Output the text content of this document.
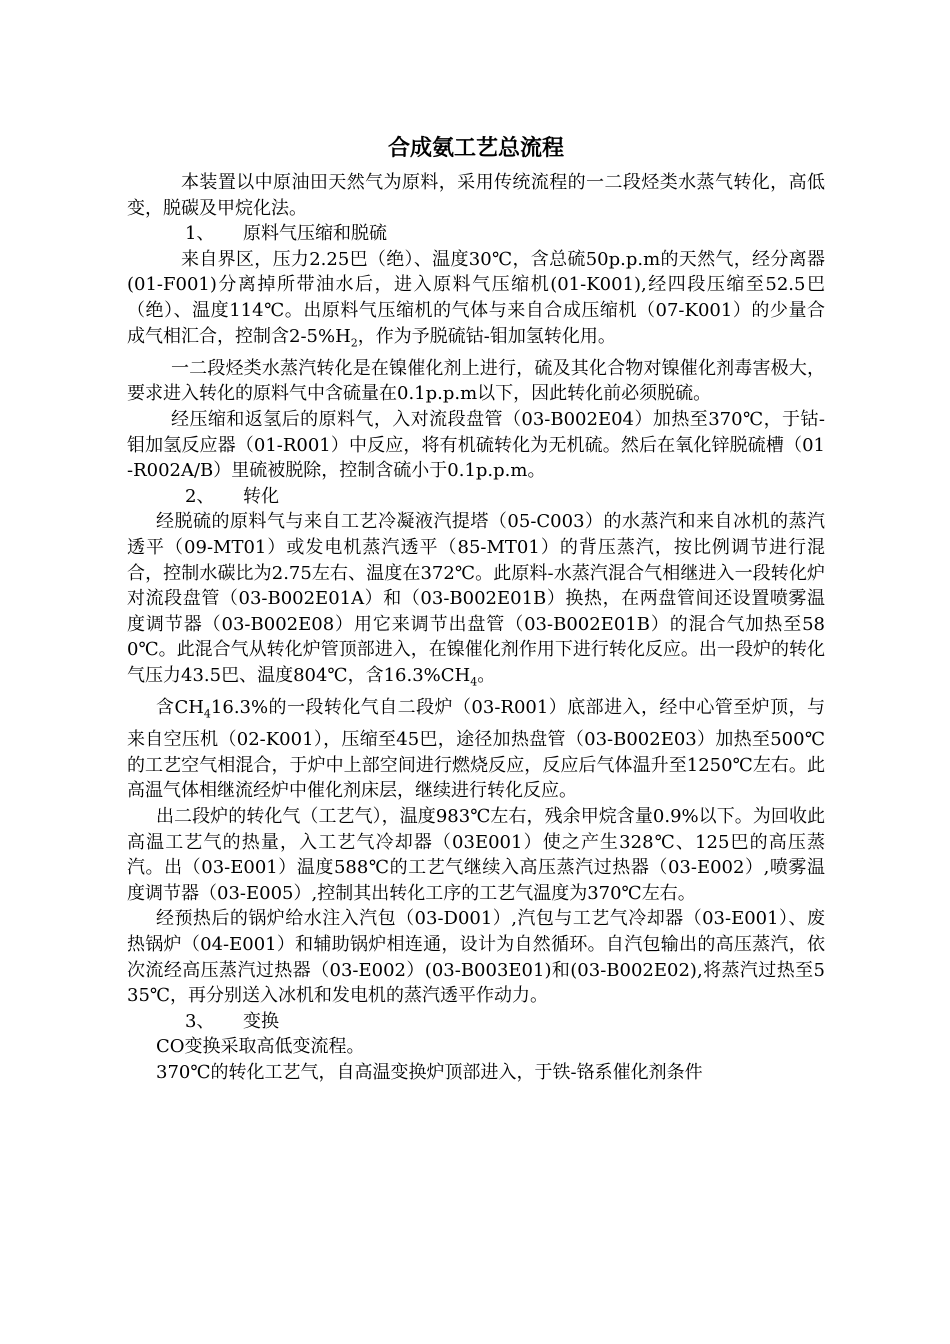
合成氨工艺总流程

本装置以中原油田天然气为原料，采用传统流程的一二段烃类水蒸气转化，高低变，脱碳及甲烷化法。

1、 原料气压缩和脱硫

来自界区，压力2.25巴（绝）、温度30℃，含总硫50p.p.m的天然气，经分离器(01-F001)分离掉所带油水后，进入原料气压缩机(01-K001),经四段压缩至52.5巴（绝）、温度114℃。出原料气压缩机的气体与来自合成压缩机（07-K001）的少量合成气相汇合，控制含$2-5\%H_2$，作为予脱硫钴-钼加氢转化用。

一二段烃类水蒸汽转化是在镍催化剂上进行，硫及其化合物对镍催化剂毒害极大，要求进入转化的原料气中含硫量在0.1p.p.m以下，因此转化前必须脱硫。

经压缩和返氢后的原料气，入对流段盘管（03-B002E04）加热至370℃，于钴-钼加氢反应器（01-R001）中反应，将有机硫转化为无机硫。然后在氧化锌脱硫槽（01-R002A/B）里硫被脱除，控制含硫小于0.1p.p.m。

2、 转化

经脱硫的原料气与来自工艺冷凝液汽提塔（05-C003）的水蒸汽和来自冰机的蒸汽透平（09-MT01）或发电机蒸汽透平（85-MT01）的背压蒸汽，按比例调节进行混合，控制水碳比为2.75左右、温度在372℃。此原料-水蒸汽混合气相继进入一段转化炉对流段盘管（03-B002E01A）和（03-B002E01B）换热，在两盘管间还设置喷雾温度调节器（03-B002E08）用它来调节出盘管（03-B002E01B）的混合气加热至580℃。此混合气从转化炉管顶部进入，在镍催化剂作用下进行转化反应。出一段炉的转化气压力43.5巴、温度804℃，含$16.3\%CH_4$。

含$CH_416.3\%$的一段转化气自二段炉（03-R001）底部进入，经中心管至炉顶，与来自空压机（02-K001），压缩至45巴，途径加热盘管（03-B002E03）加热至500℃的工艺空气相混合，于炉中上部空间进行燃烧反应，反应后气体温升至1250℃左右。此高温气体相继流经炉中催化剂床层，继续进行转化反应。

出二段炉的转化气（工艺气），温度983℃左右，残余甲烷含量0.9%以下。为回收此高温工艺气的热量，入工艺气冷却器（03E001）使之产生328℃、125巴的高压蒸汽。出（03-E001）温度588℃的工艺气继续入高压蒸汽过热器（03-E002）,喷雾温度调节器（03-E005）,控制其出转化工序的工艺气温度为370℃左右。

经预热后的锅炉给水注入汽包（03-D001）,汽包与工艺气冷却器（03-E001）、废热锅炉（04-E001）和辅助锅炉相连通，设计为自然循环。自汽包输出的高压蒸汽，依次流经高压蒸汽过热器（03-E002）(03-B003E01)和(03-B002E02),将蒸汽过热至535℃，再分别送入冰机和发电机的蒸汽透平作动力。

3、 变换

CO变换采取高低变流程。

370℃的转化工艺气，自高温变换炉顶部进入，于铁-铬系催化剂条件
